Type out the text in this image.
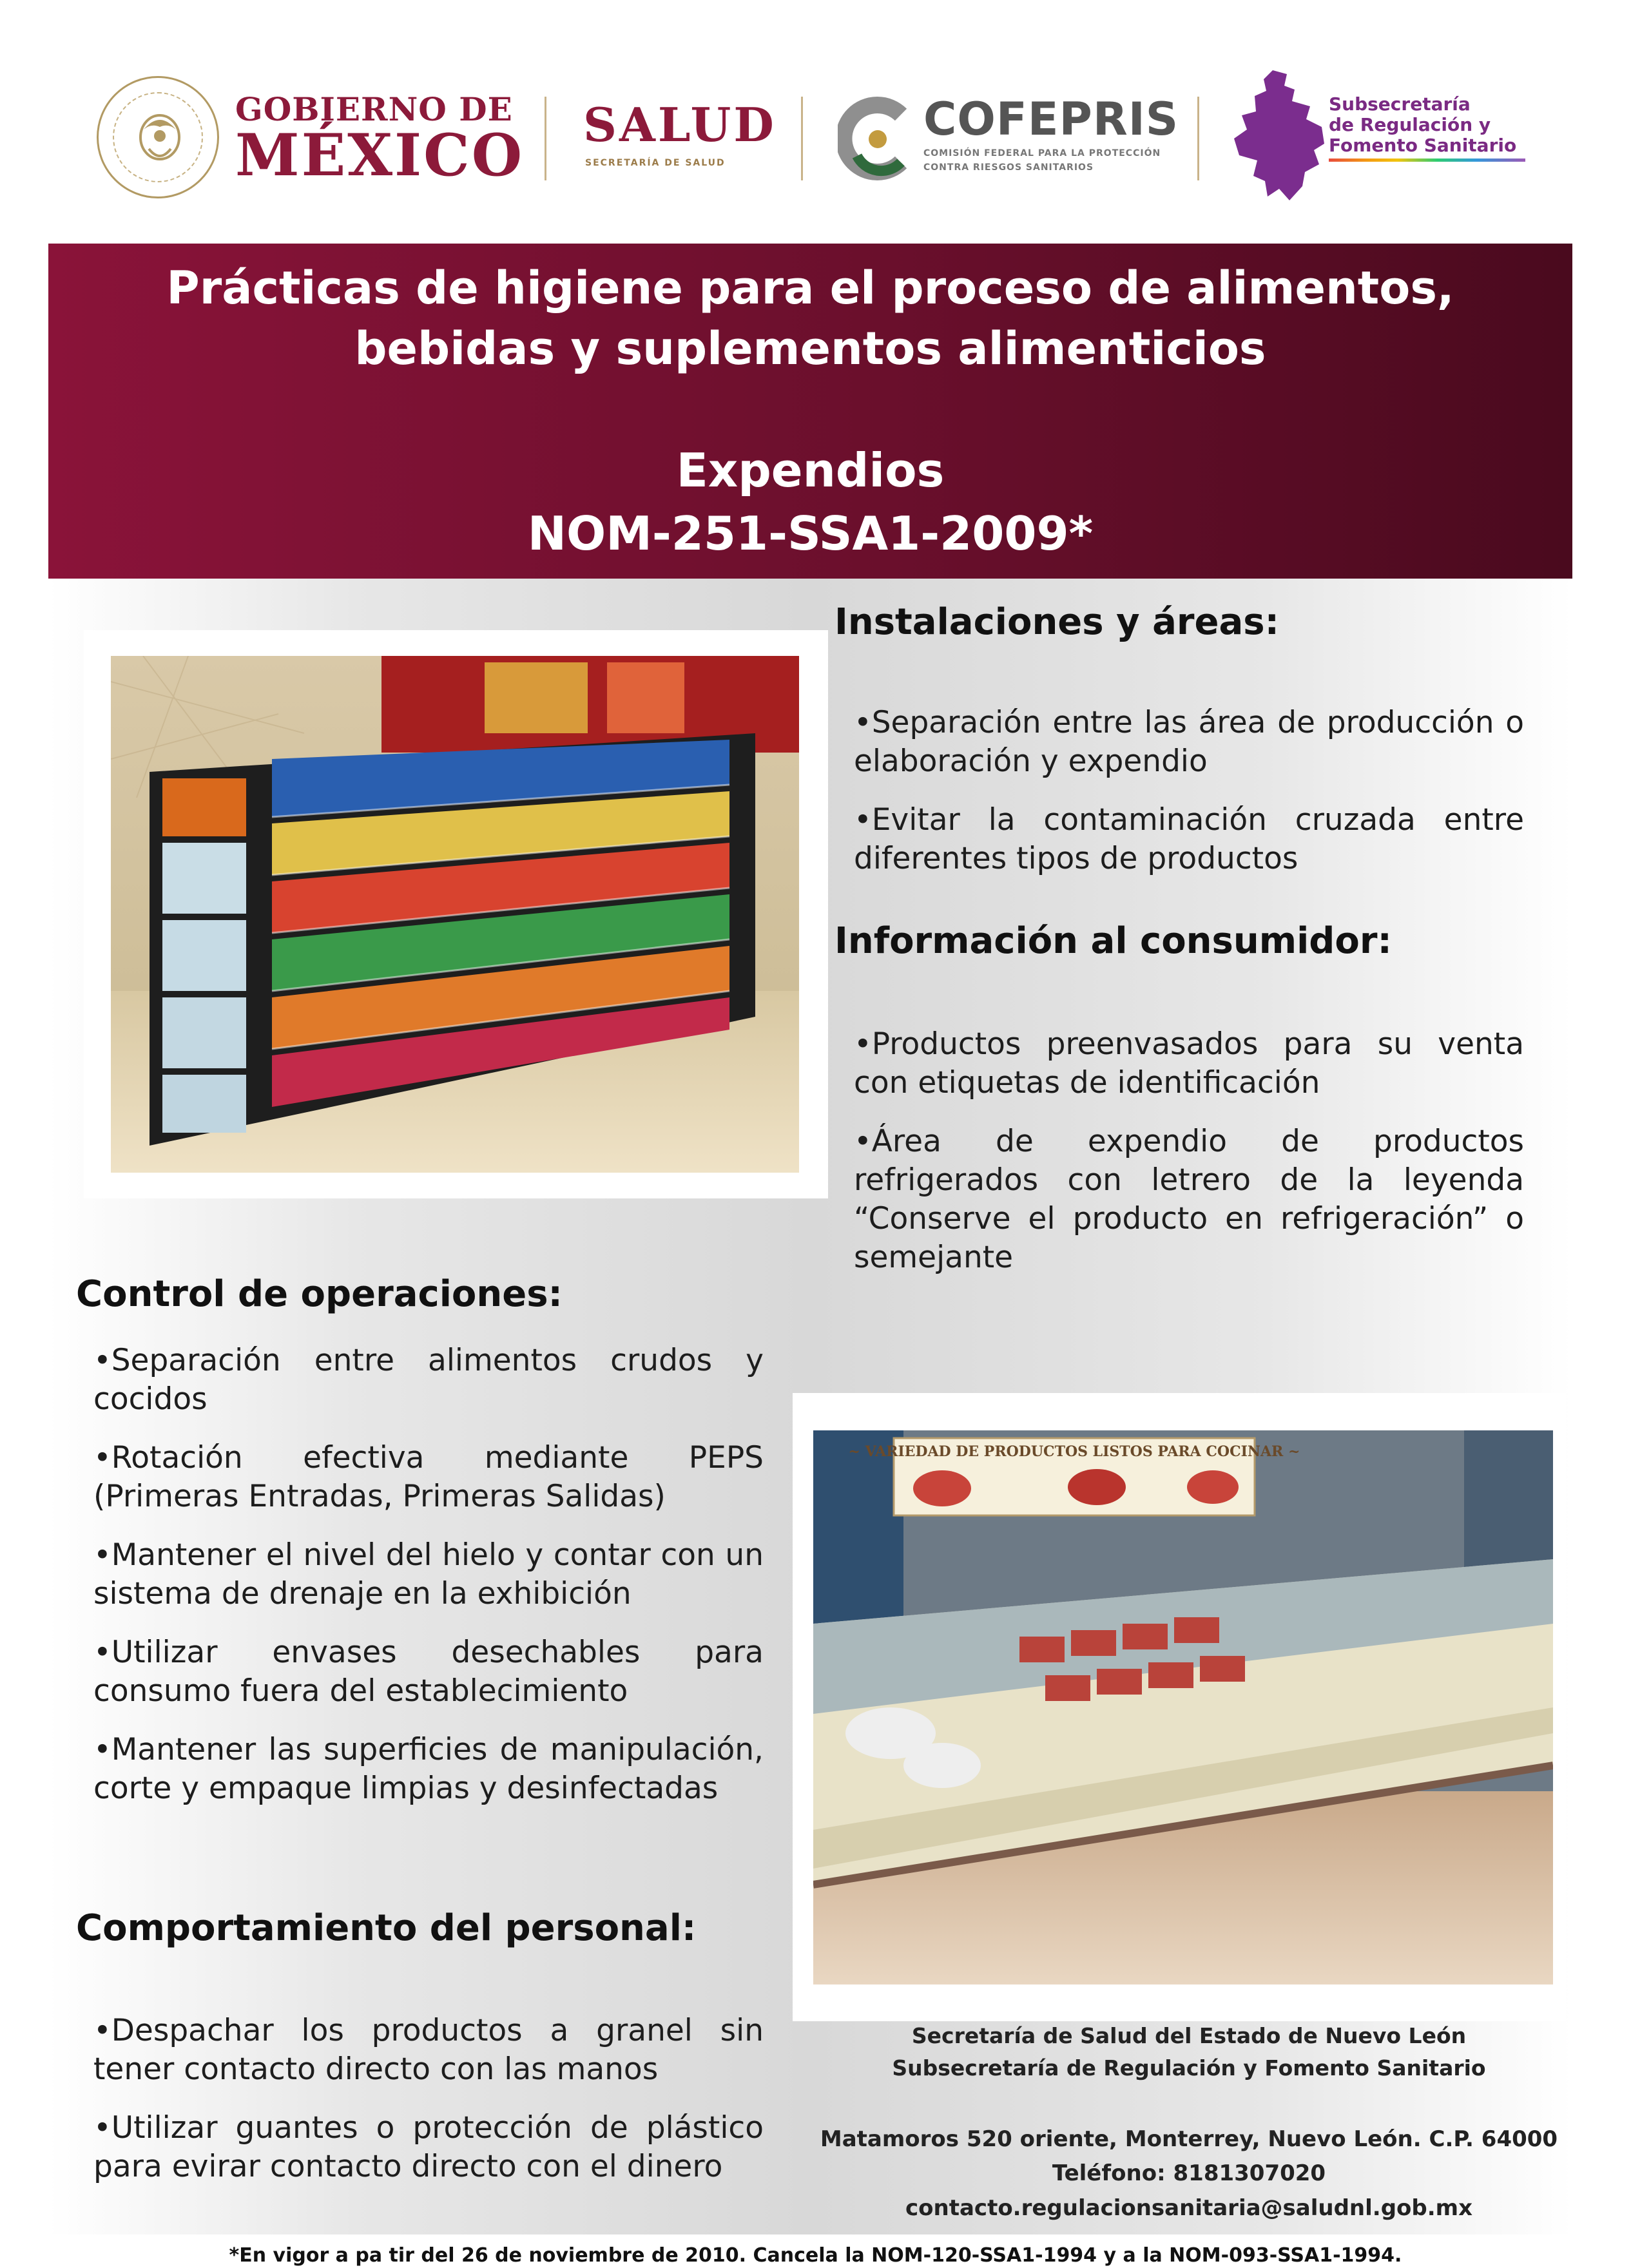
GOBIERNO DE
MÉXICO SALUD
SECRETARÍA DE SALUD
COFEPRIS
COMISIÓN FEDERAL PARA LA PROTECCIÓN
CONTRA RIESGOS SANITARIOS
Subsecretaría
de Regulación y
Fomento Sanitario
Prácticas de higiene para el proceso de alimentos,
bebidas y suplementos alimenticios
Expendios
NOM-251-SSA1-2009*
Instalaciones y áreas:
•Separación entre las área de producción o elaboración y expendio
•Evitar la contaminación cruzada entre diferentes tipos de productos
Información al consumidor:
•Productos preenvasados para su venta con etiquetas de identificación
•Área de expendio de productos refrigerados con letrero de la leyenda “Conserve el producto en refrigeración” o semejante
Control de operaciones:
•Separación entre alimentos crudos y cocidos
•Rotación efectiva mediante PEPS (Primeras Entradas, Primeras Salidas)
•Mantener el nivel del hielo y contar con un sistema de drenaje en la exhibición
•Utilizar envases desechables para consumo fuera del establecimiento
•Mantener las superficies de manipulación, corte y empaque limpias y desinfectadas
Comportamiento del personal:
•Despachar los productos a granel sin tener contacto directo con las manos
•Utilizar guantes o protección de plástico para evirar contacto directo con el dinero
~ VARIEDAD DE PRODUCTOS LISTOS PARA COCINAR ~
Secretaría de Salud del Estado de Nuevo León
Subsecretaría de Regulación y Fomento Sanitario
Matamoros 520 oriente, Monterrey, Nuevo León. C.P. 64000
Teléfono: 8181307020
contacto.regulacionsanitaria@saludnl.gob.mx
*En vigor a pa tir del 26 de noviembre de 2010. Cancela la NOM-120-SSA1-1994 y a la NOM-093-SSA1-1994.
